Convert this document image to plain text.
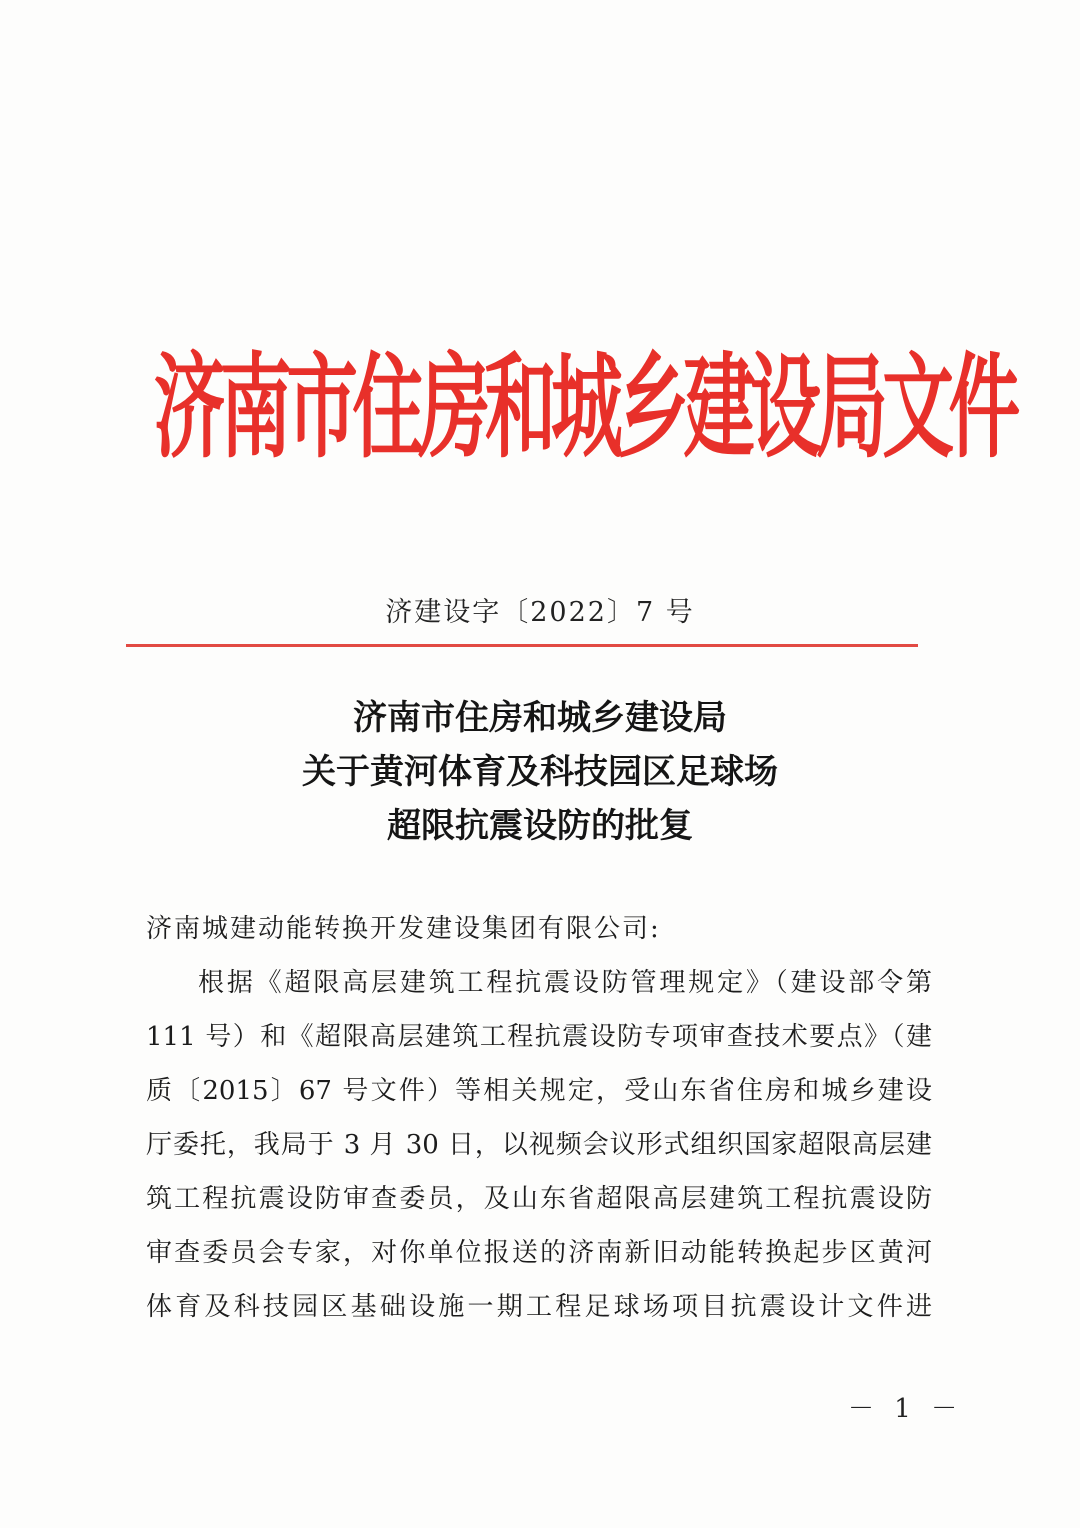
济南市住房和城乡建设局文件
济建设字〔2022〕7 号
济南市住房和城乡建设局
关于黄河体育及科技园区足球场
超限抗震设防的批复
济南城建动能转换开发建设集团有限公司:
根据《超限高层建筑工程抗震设防管理规定》（建设部令第
111 号）和《超限高层建筑工程抗震设防专项审查技术要点》（建
质〔2015〕67 号文件）等相关规定，受山东省住房和城乡建设
厅委托，我局于 3 月 30 日，以视频会议形式组织国家超限高层建
筑工程抗震设防审查委员，及山东省超限高层建筑工程抗震设防
审查委员会专家，对你单位报送的济南新旧动能转换起步区黄河
体育及科技园区基础设施一期工程足球场项目抗震设计文件进
－ 1 －
